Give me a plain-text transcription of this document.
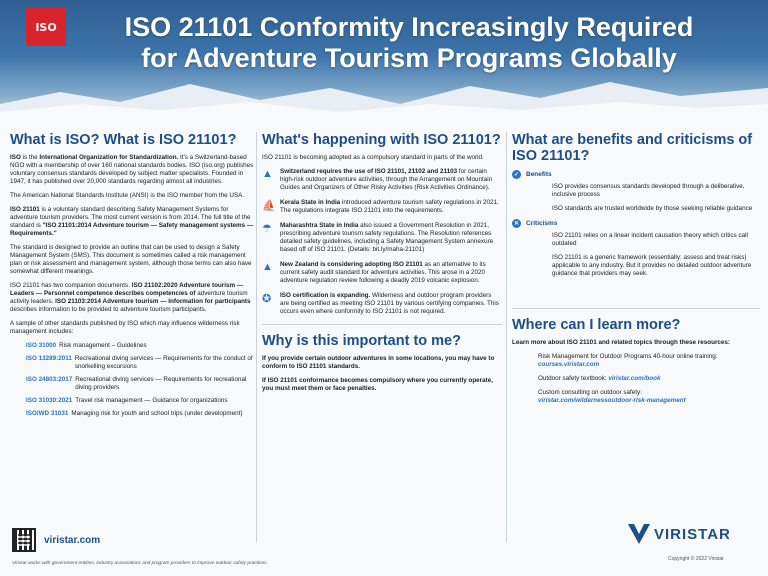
ISO	ISO 21101 Conformity Increasingly Required
for Adventure Tourism Programs Globally
What is ISO? What is ISO 21101?

ISO is the International Organization for Standardization. It's a Switzerland-based NGO with a membership of over 160 national standards bodies. ISO (iso.org) publishes voluntary consensus standards developed by subject matter specialists. Founded in 1947, it has published over 20,000 standards regarding almost all industries.

The American National Standards Institute (ANSI) is the ISO member from the USA.

ISO 21101 is a voluntary standard describing Safety Management Systems for adventure tourism providers. The most current version is from 2014. The full title of the standard is "ISO 21101:2014 Adventure tourism — Safety management systems — Requirements."

The standard is designed to provide an outline that can be used to design a Safety Management System (SMS). This document is sometimes called a risk management plan or risk assessment and management system, although those terms can also have somewhat different meanings.

ISO 21101 has two companion documents. ISO 21102:2020 Adventure tourism — Leaders — Personnel competence describes competencies of adventure tourism activity leaders. ISO 21103:2014 Adventure tourism — Information for participants describes information to be provided to adventure tourism participants.

A sample of other standards published by ISO which may influence wilderness risk management includes:

ISO 31000 Risk management – Guidelines
ISO 13289:2011 Recreational diving services — Requirements for the conduct of snorkelling excursions
ISO 24803:2017 Recreational diving services — Requirements for recreational diving providers
ISO 31030:2021 Travel risk management — Guidance for organizations
ISO/WD 31031 Managing risk for youth and school trips (under development)
What's happening with ISO 21101?

ISO 21101 is becoming adopted as a compulsory standard in parts of the world.

▲	Switzerland requires the use of ISO 21101, 21102 and 21103 for certain high-risk outdoor adventure activities, through the Arrangement on Mountain Guides and Organizers of Other Risky Activities (Risk Activities Ordinance).

⛵ Kerala State in India introduced adventure tourism safety regulations in 2021. The regulations integrate ISO 21101 into the requirements.

☂	Maharashtra State in India also issued a Government Resolution in 2021, prescribing adventure tourism safety regulations. The Resolution references detailed safety guidelines, including a Safety Management System annexure based off of ISO 21101. (Details: bit.ly/maha-21101)

▲	New Zealand is considering adopting ISO 21101 as an alternative to its current safety audit standard for adventure activities. This arose in a 2020 adventure regulation review following a deadly 2019 volcanic explosion.

✪	ISO certification is expanding. Wilderness and outdoor program providers are being certified as meeting ISO 21101 by various certifying companies. This occurs even where conformity to ISO 21101 is not required.

Why is this important to me?

If you provide certain outdoor adventures in some locations, you may have to conform to ISO 21101 standards.

If ISO 21101 conformance becomes compulsory where you currently operate, you must meet them or face penalties.

What are benefits and criticisms of ISO 21101?
✓	Benefits

ISO provides consensus standards developed through a deliberative, inclusive process

ISO standards are trusted worldwide by those seeking reliable guidance

✕	Criticisms

ISO 21101 relies on a linear incident causation theory which critics call outdated

ISO 21101 is a generic framework (essentially: assess and treat risks) applicable to any industry. But it provides no detailed outdoor adventure guidance that providers may seek.

Where can I learn more?

Learn more about ISO 21101 and related topics through these resources:

Risk Management for Outdoor Programs 40-hour online training:
courses.viristar.com

Outdoor safety textbook: viristar.com/book

Custom consulting on outdoor safety:
viristar.com/wildernessoutdoor-risk-management

viristar.com
Viristar works with government entities, industry associations and program providers to improve outdoor safety practices.
VIRISTAR
Copyright © 2022 Viristar
